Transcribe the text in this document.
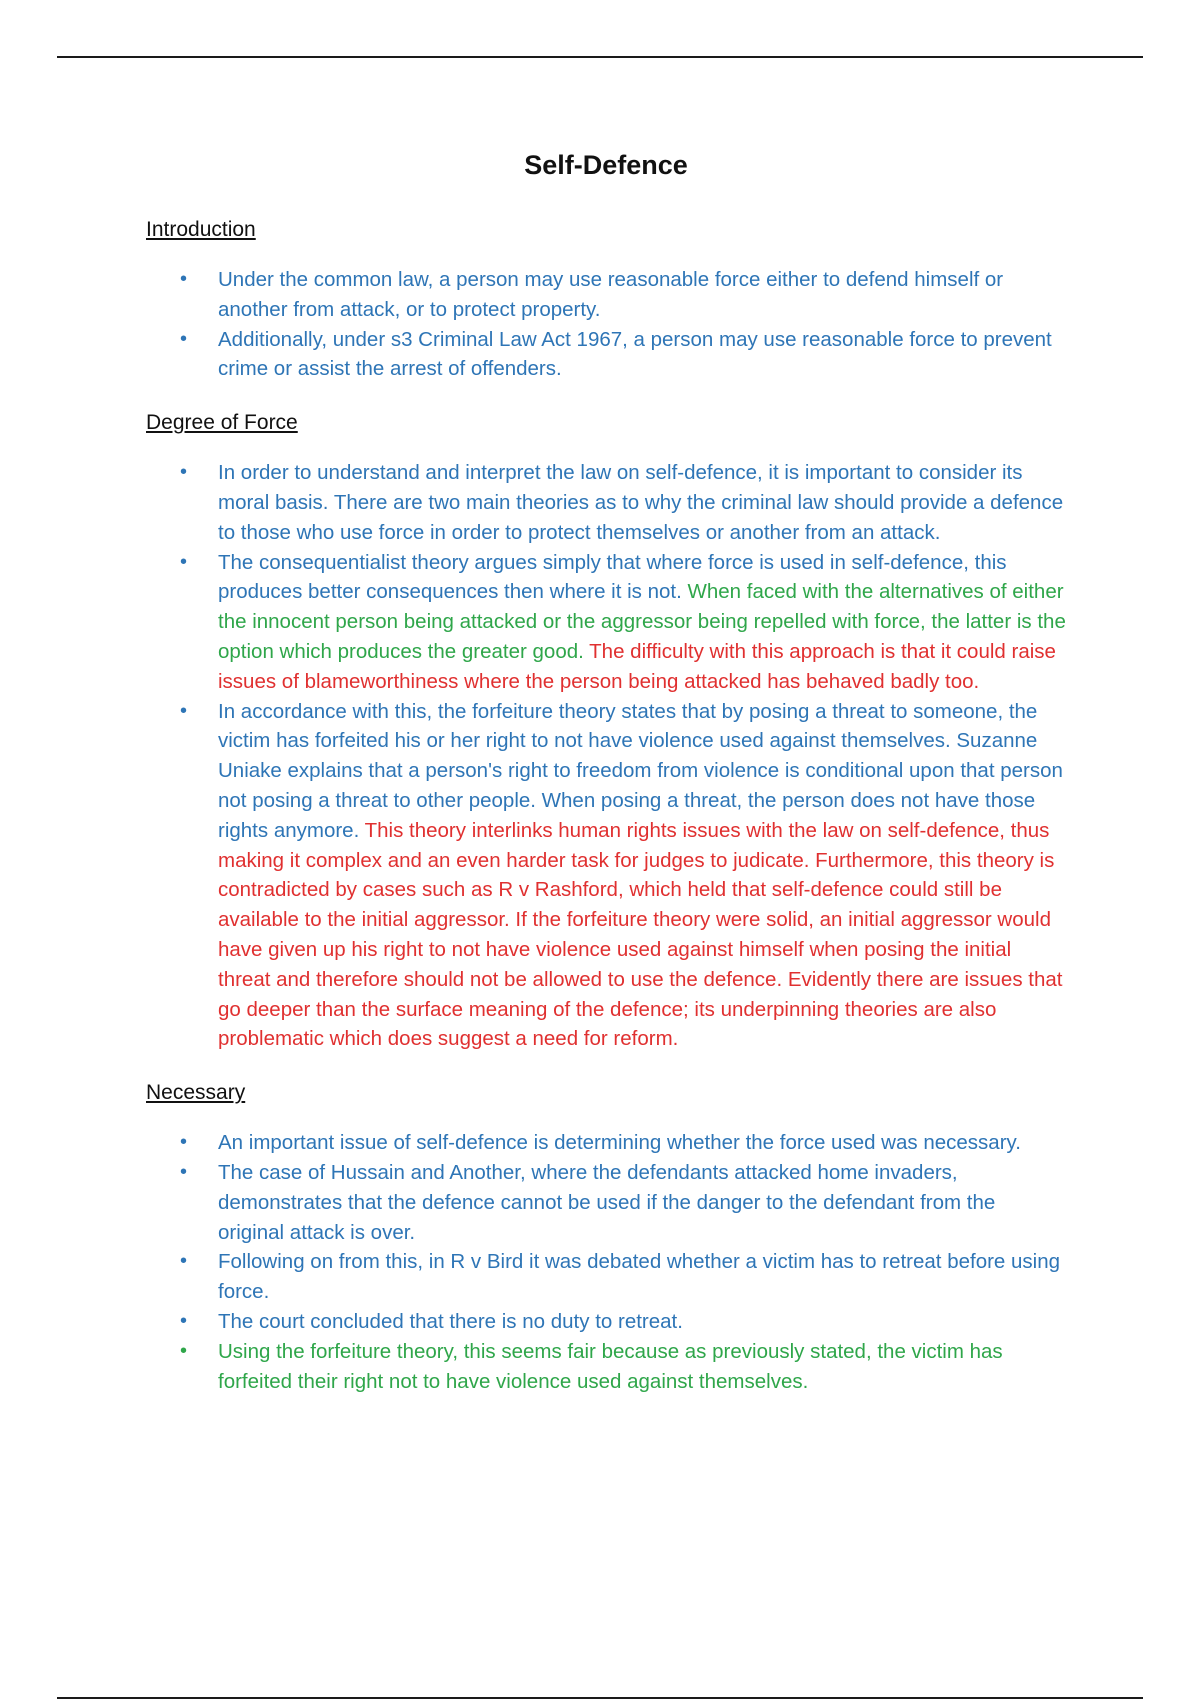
Self-Defence
Introduction
•	Under the common law, a person may use reasonable force either to defend himself or another from attack, or to protect property.
•	Additionally, under s3 Criminal Law Act 1967, a person may use reasonable force to prevent crime or assist the arrest of offenders.
Degree of Force
•	In order to understand and interpret the law on self-defence, it is important to consider its moral basis. There are two main theories as to why the criminal law should provide a defence to those who use force in order to protect themselves or another from an attack.
•	The consequentialist theory argues simply that where force is used in self-defence, this produces better consequences then where it is not. When faced with the alternatives of either the innocent person being attacked or the aggressor being repelled with force, the latter is the option which produces the greater good. The difficulty with this approach is that it could raise issues of blameworthiness where the person being attacked has behaved badly too.
•	In accordance with this, the forfeiture theory states that by posing a threat to someone, the victim has forfeited his or her right to not have violence used against themselves. Suzanne Uniake explains that a person's right to freedom from violence is conditional upon that person not posing a threat to other people. When posing a threat, the person does not have those rights anymore. This theory interlinks human rights issues with the law on self-defence, thus making it complex and an even harder task for judges to judicate. Furthermore, this theory is contradicted by cases such as R v Rashford, which held that self-defence could still be available to the initial aggressor. If the forfeiture theory were solid, an initial aggressor would have given up his right to not have violence used against himself when posing the initial threat and therefore should not be allowed to use the defence. Evidently there are issues that go deeper than the surface meaning of the defence; its underpinning theories are also problematic which does suggest a need for reform.
Necessary
•	An important issue of self-defence is determining whether the force used was necessary.
•	The case of Hussain and Another, where the defendants attacked home invaders, demonstrates that the defence cannot be used if the danger to the defendant from the original attack is over.
•	Following on from this, in R v Bird it was debated whether a victim has to retreat before using force.
•	The court concluded that there is no duty to retreat.
•	Using the forfeiture theory, this seems fair because as previously stated, the victim has forfeited their right not to have violence used against themselves.
